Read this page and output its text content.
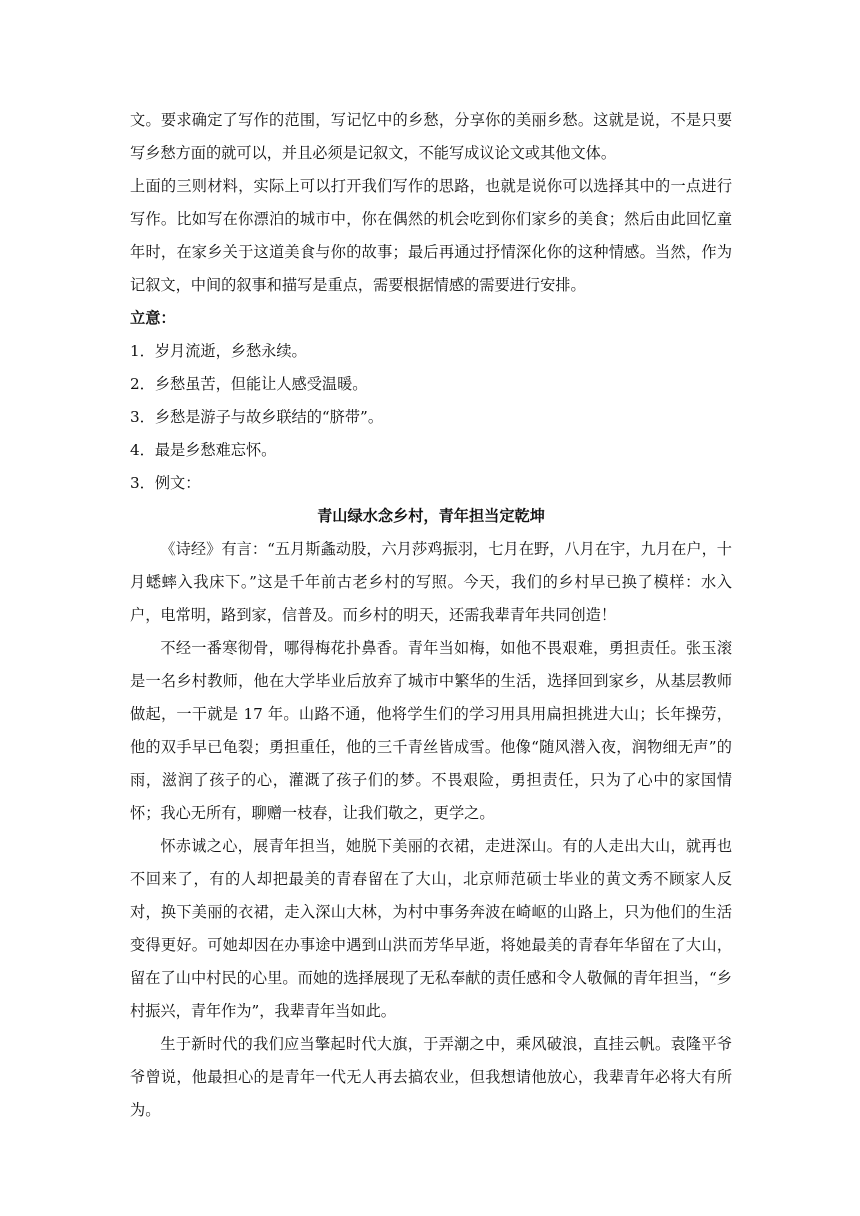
文。要求确定了写作的范围，写记忆中的乡愁，分享你的美丽乡愁。这就是说，不是只要写乡愁方面的就可以，并且必须是记叙文，不能写成议论文或其他文体。

上面的三则材料，实际上可以打开我们写作的思路，也就是说你可以选择其中的一点进行写作。比如写在你漂泊的城市中，你在偶然的机会吃到你们家乡的美食；然后由此回忆童年时，在家乡关于这道美食与你的故事；最后再通过抒情深化你的这种情感。当然，作为记叙文，中间的叙事和描写是重点，需要根据情感的需要进行安排。

立意：

1．岁月流逝，乡愁永续。

2．乡愁虽苦，但能让人感受温暖。

3．乡愁是游子与故乡联结的“脐带”。

4．最是乡愁难忘怀。

3．例文：

青山绿水念乡村，青年担当定乾坤

《诗经》有言：“五月斯螽动股，六月莎鸡振羽，七月在野，八月在宇，九月在户，十月蟋蟀入我床下。”这是千年前古老乡村的写照。今天，我们的乡村早已换了模样：水入户，电常明，路到家，信普及。而乡村的明天，还需我辈青年共同创造！

不经一番寒彻骨，哪得梅花扑鼻香。青年当如梅，如他不畏艰难，勇担责任。张玉滚是一名乡村教师，他在大学毕业后放弃了城市中繁华的生活，选择回到家乡，从基层教师做起，一干就是 17 年。山路不通，他将学生们的学习用具用扁担挑进大山；长年操劳，他的双手早已龟裂；勇担重任，他的三千青丝皆成雪。他像“随风潜入夜，润物细无声”的雨，滋润了孩子的心，灌溉了孩子们的梦。不畏艰险，勇担责任，只为了心中的家国情怀；我心无所有，聊赠一枝春，让我们敬之，更学之。

怀赤诚之心，展青年担当，她脱下美丽的衣裙，走进深山。有的人走出大山，就再也不回来了，有的人却把最美的青春留在了大山，北京师范硕士毕业的黄文秀不顾家人反对，换下美丽的衣裙，走入深山大林，为村中事务奔波在崎岖的山路上，只为他们的生活变得更好。可她却因在办事途中遇到山洪而芳华早逝，将她最美的青春年华留在了大山，留在了山中村民的心里。而她的选择展现了无私奉献的责任感和令人敬佩的青年担当，“乡村振兴，青年作为”，我辈青年当如此。

生于新时代的我们应当擎起时代大旗，于弄潮之中，乘风破浪，直挂云帆。袁隆平爷爷曾说，他最担心的是青年一代无人再去搞农业，但我想请他放心，我辈青年必将大有所为。
